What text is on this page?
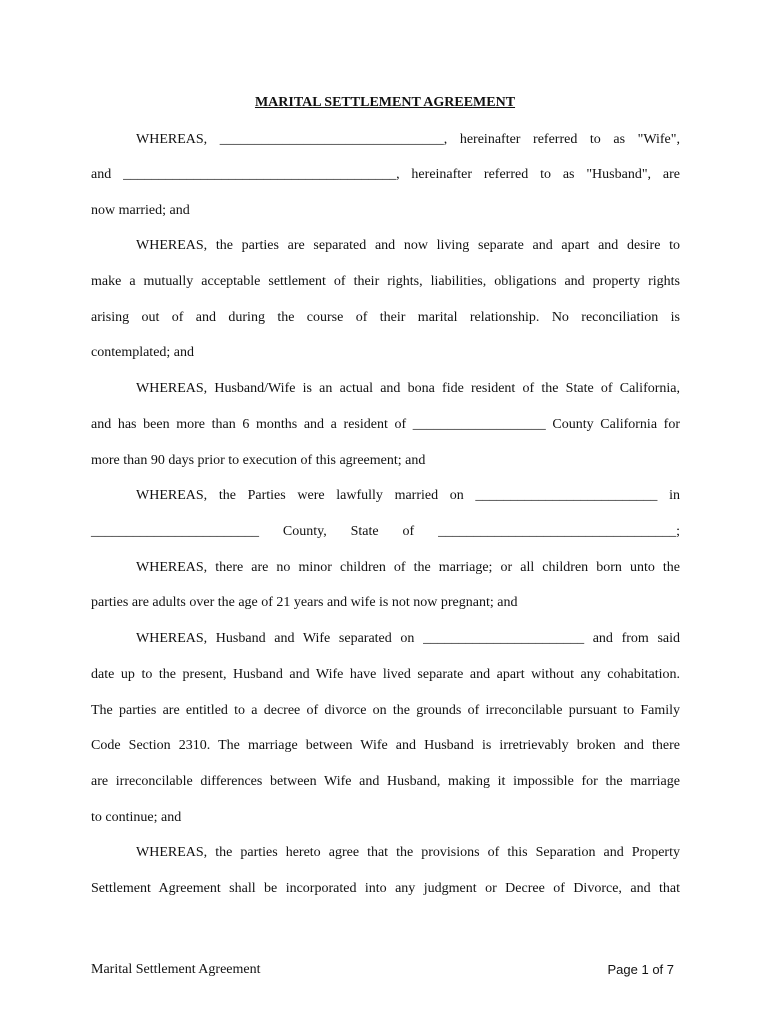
MARITAL SETTLEMENT AGREEMENT
WHEREAS, ________________________________, hereinafter referred to as "Wife",
and _______________________________________, hereinafter referred to as "Husband", are
now married; and
WHEREAS, the parties are separated and now living separate and apart and desire to
make a mutually acceptable settlement of their rights, liabilities, obligations and property rights
arising out of and during the course of their marital relationship. No reconciliation is
contemplated; and
WHEREAS, Husband/Wife is an actual and bona fide resident of the State of California,
and has been more than 6 months and a resident of ___________________ County California for
more than 90 days prior to execution of this agreement; and
WHEREAS, the Parties were lawfully married on __________________________ in
________________________ County, State of __________________________________;
WHEREAS, there are no minor children of the marriage; or all children born unto the
parties are adults over the age of 21 years and wife is not now pregnant; and
WHEREAS, Husband and Wife separated on _______________________ and from said
date up to the present, Husband and Wife have lived separate and apart without any cohabitation.
The parties are entitled to a decree of divorce on the grounds of irreconcilable pursuant to Family
Code Section 2310. The marriage between Wife and Husband is irretrievably broken and there
are irreconcilable differences between Wife and Husband, making it impossible for the marriage
to continue; and
WHEREAS, the parties hereto agree that the provisions of this Separation and Property
Settlement Agreement shall be incorporated into any judgment or Decree of Divorce, and that
Marital Settlement Agreement	Page 1 of 7
